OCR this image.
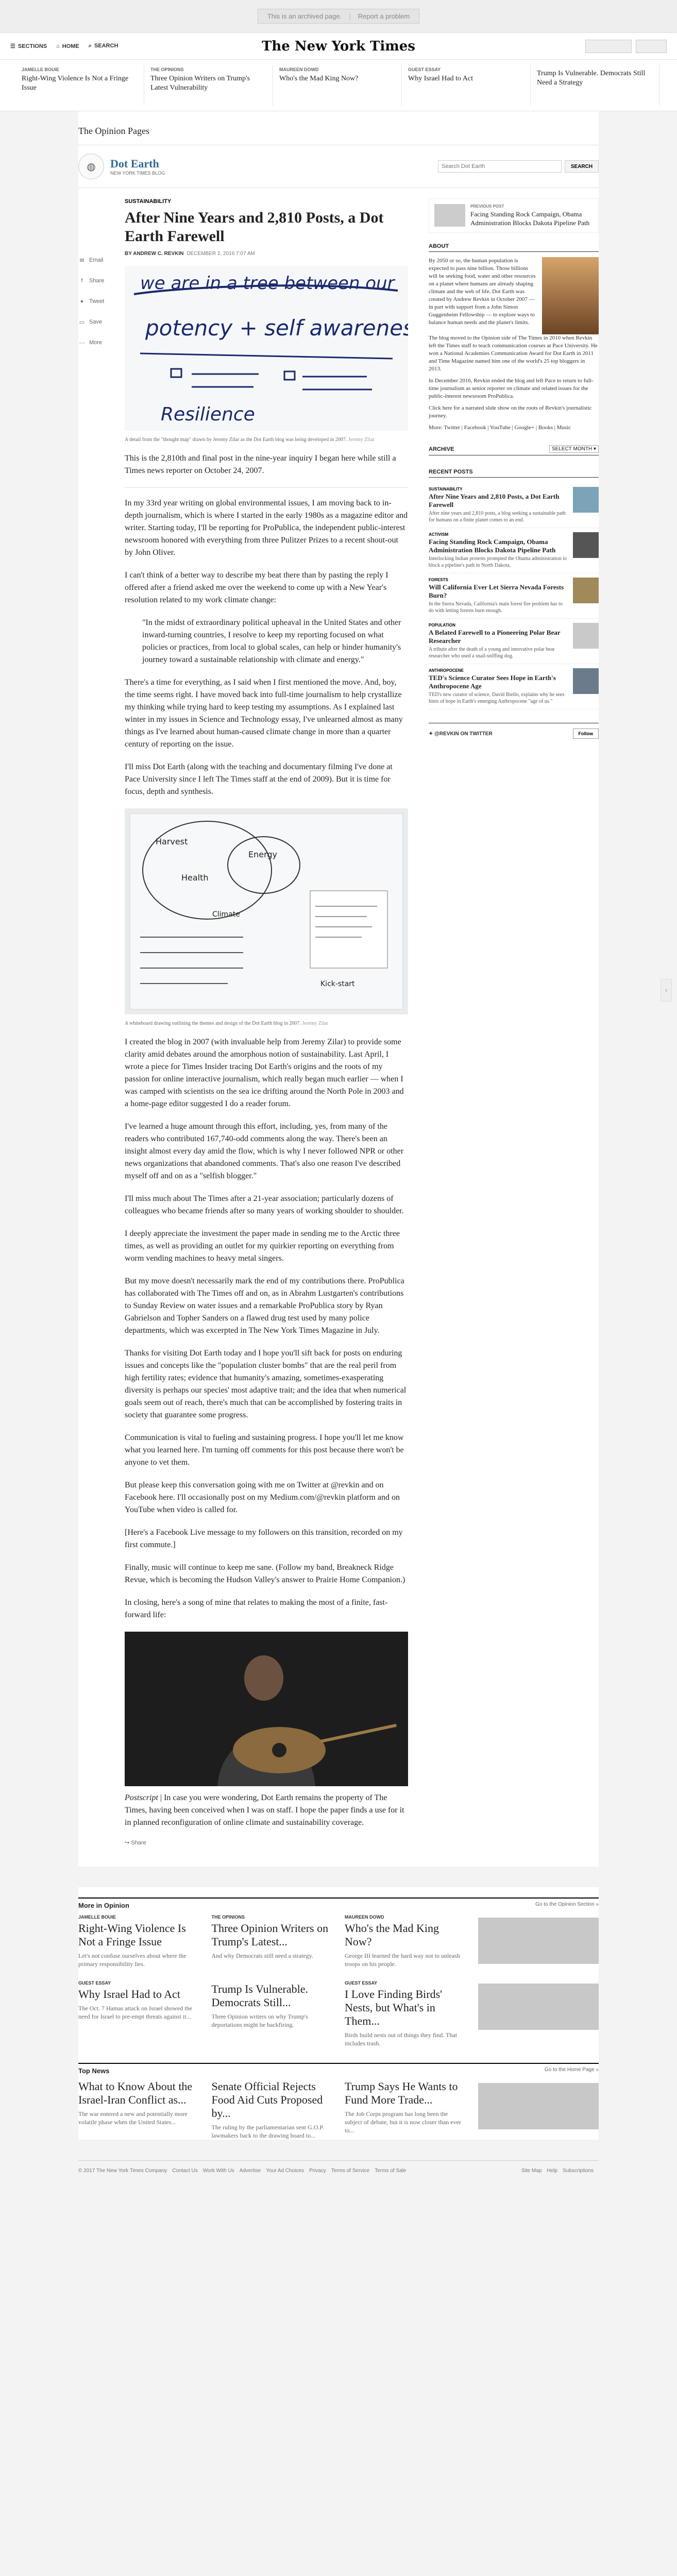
This is an archived page. | Report a problem
☰ SECTIONS ⌂ HOME ⌕ SEARCH	The New York Times
JAMELLE BOUIE
Right-Wing Violence Is Not a Fringe Issue
THE OPINIONS
Three Opinion Writers on Trump's Latest Vulnerability
MAUREEN DOWD
Who's the Mad King Now?
GUEST ESSAY
Why Israel Had to Act
Trump Is Vulnerable. Democrats Still Need a Strategy
The Opinion Pages
◍	Dot Earth
NEW YORK TIMES BLOG
Search Dot Earth
SEARCH
✉ Email
f	Share
✦ Tweet
▭ Save
⋯ More
SUSTAINABILITY
After Nine Years and 2,810 Posts, a Dot Earth Farewell
BY ANDREW C. REVKIN DECEMBER 2, 2016 7:07 AM
we are in a tree between our
potency + self awareness
Resilience
A detail from the "thought map" drawn by Jeremy Zilar as the Dot Earth blog was being developed in 2007. Jeremy Zilar

This is the 2,810th and final post in the nine-year inquiry I began here while still a Times news reporter on October 24, 2007.

In my 33rd year writing on global environmental issues, I am moving back to in-depth journalism, which is where I started in the early 1980s as a magazine editor and writer. Starting today, I'll be reporting for ProPublica, the independent public-interest newsroom honored with everything from three Pulitzer Prizes to a recent shout-out by John Oliver.

I can't think of a better way to describe my beat there than by pasting the reply I offered after a friend asked me over the weekend to come up with a New Year's resolution related to my work climate change:

"In the midst of extraordinary political upheaval in the United States and other inward-turning countries, I resolve to keep my reporting focused on what policies or practices, from local to global scales, can help or hinder humanity's journey toward a sustainable relationship with climate and energy."

There's a time for everything, as I said when I first mentioned the move. And, boy, the time seems right. I have moved back into full-time journalism to help crystallize my thinking while trying hard to keep testing my assumptions. As I explained last winter in my issues in Science and Technology essay, I've unlearned almost as many things as I've learned about human-caused climate change in more than a quarter century of reporting on the issue.

I'll miss Dot Earth (along with the teaching and documentary filming I've done at Pace University since I left The Times staff at the end of 2009). But it is time for focus, depth and synthesis.

Harvest
Health
Energy
Climate
Kick-start
A whiteboard drawing outlining the themes and design of the Dot Earth blog in 2007. Jeremy Zilar

I created the blog in 2007 (with invaluable help from Jeremy Zilar) to provide some clarity amid debates around the amorphous notion of sustainability. Last April, I wrote a piece for Times Insider tracing Dot Earth's origins and the roots of my passion for online interactive journalism, which really began much earlier — when I was camped with scientists on the sea ice drifting around the North Pole in 2003 and a home-page editor suggested I do a reader forum.

I've learned a huge amount through this effort, including, yes, from many of the readers who contributed 167,740-odd comments along the way. There's been an insight almost every day amid the flow, which is why I never followed NPR or other news organizations that abandoned comments. That's also one reason I've described myself off and on as a "selfish blogger."

I'll miss much about The Times after a 21-year association; particularly dozens of colleagues who became friends after so many years of working shoulder to shoulder.

I deeply appreciate the investment the paper made in sending me to the Arctic three times, as well as providing an outlet for my quirkier reporting on everything from worm vending machines to heavy metal singers.

But my move doesn't necessarily mark the end of my contributions there. ProPublica has collaborated with The Times off and on, as in Abrahm Lustgarten's contributions to Sunday Review on water issues and a remarkable ProPublica story by Ryan Gabrielson and Topher Sanders on a flawed drug test used by many police departments, which was excerpted in The New York Times Magazine in July.

Thanks for visiting Dot Earth today and I hope you'll sift back for posts on enduring issues and concepts like the "population cluster bombs" that are the real peril from high fertility rates; evidence that humanity's amazing, sometimes-exasperating diversity is perhaps our species' most adaptive trait; and the idea that when numerical goals seem out of reach, there's much that can be accomplished by fostering traits in society that guarantee some progress.

Communication is vital to fueling and sustaining progress. I hope you'll let me know what you learned here. I'm turning off comments for this post because there won't be anyone to vet them.

But please keep this conversation going with me on Twitter at @revkin and on Facebook here. I'll occasionally post on my Medium.com/@revkin platform and on YouTube when video is called for.

[Here's a Facebook Live message to my followers on this transition, recorded on my first commute.]

Finally, music will continue to keep me sane. (Follow my band, Breakneck Ridge Revue, which is becoming the Hudson Valley's answer to Prairie Home Companion.)

In closing, here's a song of mine that relates to making the most of a finite, fast-forward life:

Postscript | In case you were wondering, Dot Earth remains the property of The Times, having been conceived when I was on staff. I hope the paper finds a use for it in planned reconfiguration of online climate and sustainability coverage.

↪ Share
PREVIOUS POST
Facing Standing Rock Campaign, Obama Administration Blocks Dakota Pipeline Path
ABOUT

By 2050 or so, the human population is expected to pass nine billion. Those billions will be seeking food, water and other resources on a planet where humans are already shaping climate and the web of life. Dot Earth was created by Andrew Revkin in October 2007 — in part with support from a John Simon Guggenheim Fellowship — to explore ways to balance human needs and the planet's limits.

The blog moved to the Opinion side of The Times in 2010 when Revkin left the Times staff to teach communication courses at Pace University. He won a National Academies Communication Award for Dot Earth in 2011 and Time Magazine named him one of the world's 25 top bloggers in 2013.

In December 2016, Revkin ended the blog and left Pace to return to full-time journalism as senior reporter on climate and related issues for the public-interest newsroom ProPublica.

Click here for a narrated slide show on the roots of Revkin's journalistic journey.

More: Twitter | Facebook | YouTube | Google+ | Books | Music

ARCHIVE	SELECT MONTH ▾
RECENT POSTS
SUSTAINABILITY
After Nine Years and 2,810 Posts, a Dot Earth Farewell
After nine years and 2,810 posts, a blog seeking a sustainable path for humans on a finite planet comes to an end.
ACTIVISM
Facing Standing Rock Campaign, Obama Administration Blocks Dakota Pipeline Path
Interlocking Indian protests prompted the Obama administration to block a pipeline's path in North Dakota.
FORESTS
Will California Ever Let Sierra Nevada Forests Burn?
In the Sierra Nevada, California's main forest fire problem has to do with letting forests burn enough.
POPULATION
A Belated Farewell to a Pioneering Polar Bear Researcher
A tribute after the death of a young and innovative polar bear researcher who used a snail-sniffing dog.
ANTHROPOCENE
TED's Science Curator Sees Hope in Earth's Anthropocene Age
TED's new curator of science, David Biello, explains why he sees hints of hope in Earth's emerging Anthropocene "age of us."
✦ @REVKIN ON TWITTER	Follow
›
More in Opinion	Go to the Opinion Section »
JAMELLE BOUIE
Right-Wing Violence Is Not a Fringe Issue
Let's not confuse ourselves about where the primary responsibility lies.
THE OPINIONS
Three Opinion Writers on Trump's Latest...
And why Democrats still need a strategy.
MAUREEN DOWD
Who's the Mad King Now?
George III learned the hard way not to unleash troops on his people.
GUEST ESSAY
Why Israel Had to Act
The Oct. 7 Hamas attack on Israel showed the need for Israel to pre-empt threats against it...
Trump Is Vulnerable. Democrats Still...
Three Opinion writers on why Trump's deportations might be backfiring.
GUEST ESSAY
I Love Finding Birds' Nests, but What's in Them...
Birds build nests out of things they find. That includes trash.
Top News	Go to the Home Page »
What to Know About the Israel-Iran Conflict as...
The war entered a new and potentially more volatile phase when the United States...
Senate Official Rejects Food Aid Cuts Proposed by...
The ruling by the parliamentarian sent G.O.P. lawmakers back to the drawing board to...
Trump Says He Wants to Fund More Trade...
The Job Corps program has long been the subject of debate, but it is now closer than ever to...
© 2017 The New York Times Company Contact Us Work With Us Advertise Your Ad Choices Privacy Terms of Service Terms of Sale	Site Map Help Subscriptions
